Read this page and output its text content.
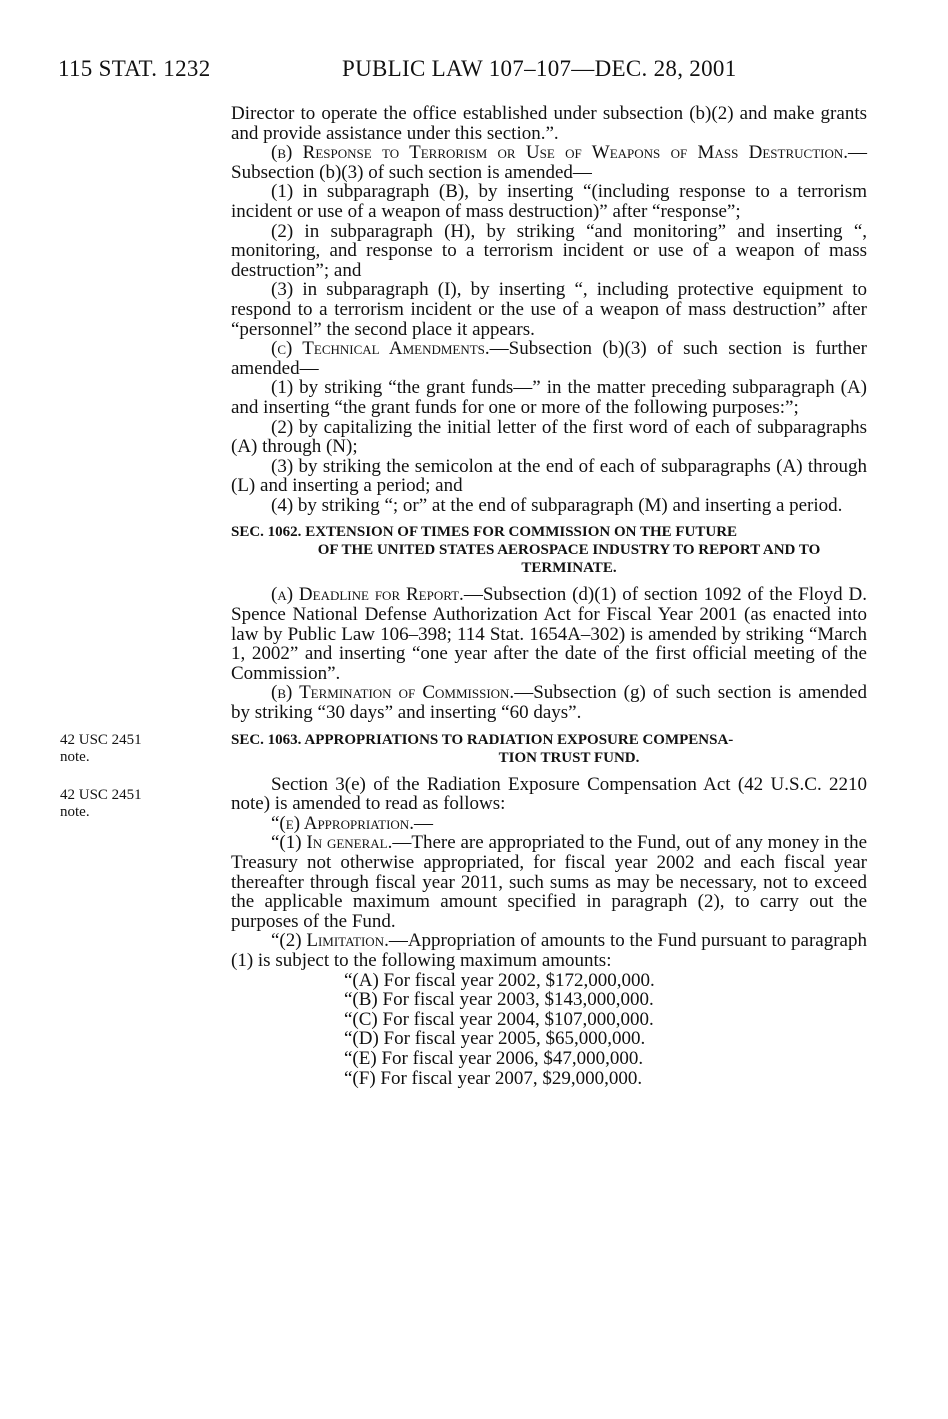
115 STAT. 1232	PUBLIC LAW 107–107—DEC. 28, 2001
42 USC 2451
note.
42 USC 2451
note.

Director to operate the office established under subsection (b)(2) and make grants and provide assistance under this section.”.

(b) Response to Terrorism or Use of Weapons of Mass Destruction.—Subsection (b)(3) of such section is amended—

(1) in subparagraph (B), by inserting “(including response to a terrorism incident or use of a weapon of mass destruction)” after “response”;

(2) in subparagraph (H), by striking “and monitoring” and inserting “, monitoring, and response to a terrorism incident or use of a weapon of mass destruction”; and

(3) in subparagraph (I), by inserting “, including protective equipment to respond to a terrorism incident or the use of a weapon of mass destruction” after “personnel” the second place it appears.

(c) Technical Amendments.—Subsection (b)(3) of such section is further amended—

(1) by striking “the grant funds—” in the matter preceding subparagraph (A) and inserting “the grant funds for one or more of the following purposes:”;

(2) by capitalizing the initial letter of the first word of each of subparagraphs (A) through (N);

(3) by striking the semicolon at the end of each of subparagraphs (A) through (L) and inserting a period; and

(4) by striking “; or” at the end of subparagraph (M) and inserting a period.

SEC. 1062. EXTENSION OF TIMES FOR COMMISSION ON THE FUTURE
OF THE UNITED STATES AEROSPACE INDUSTRY TO REPORT AND TO TERMINATE.

(a) Deadline for Report.—Subsection (d)(1) of section 1092 of the Floyd D. Spence National Defense Authorization Act for Fiscal Year 2001 (as enacted into law by Public Law 106–398; 114 Stat. 1654A–302) is amended by striking “March 1, 2002” and inserting “one year after the date of the first official meeting of the Commission”.

(b) Termination of Commission.—Subsection (g) of such section is amended by striking “30 days” and inserting “60 days”.

SEC. 1063. APPROPRIATIONS TO RADIATION EXPOSURE COMPENSA-
TION TRUST FUND.

Section 3(e) of the Radiation Exposure Compensation Act (42 U.S.C. 2210 note) is amended to read as follows:

“(e) Appropriation.—

“(1) In general.—There are appropriated to the Fund, out of any money in the Treasury not otherwise appropriated, for fiscal year 2002 and each fiscal year thereafter through fiscal year 2011, such sums as may be necessary, not to exceed the applicable maximum amount specified in paragraph (2), to carry out the purposes of the Fund.

“(2) Limitation.—Appropriation of amounts to the Fund pursuant to paragraph (1) is subject to the following maximum amounts:

“(A) For fiscal year 2002, $172,000,000.

“(B) For fiscal year 2003, $143,000,000.

“(C) For fiscal year 2004, $107,000,000.

“(D) For fiscal year 2005, $65,000,000.

“(E) For fiscal year 2006, $47,000,000.

“(F) For fiscal year 2007, $29,000,000.
